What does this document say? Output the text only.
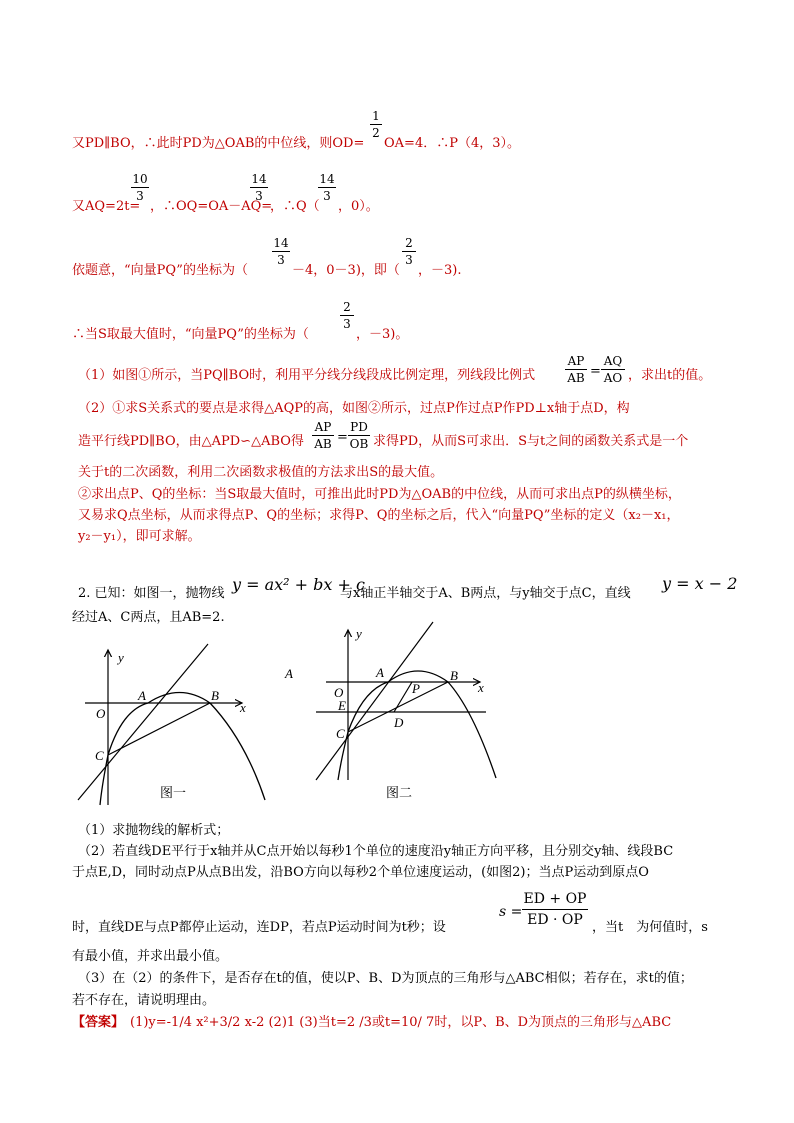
又PD∥BO，∴此时PD为△OAB的中位线，则OD=
1
2
OA=4．∴P（4，3）。
又AQ=2t=
10
3
，∴OQ=OA－AQ=
14
3
，∴Q（
14
3
，0）。
依题意，“向量PQ”的坐标为（
14
3
－4，0－3)，即（
2
3
，－3).
∴当S取最大值时，“向量PQ”的坐标为（
2
3
，－3)。
（1）如图①所示，当PQ∥BO时，利用平分线分线段成比例定理，列线段比例式
AP
AB =
AQ
AO ，求出t的值。
（2）①求S关系式的要点是求得△AQP的高，如图②所示，过点P作过点P作PD⊥x轴于点D，构
造平行线PD∥BO，由△APD∽△ABO得
AP
AB =
PD
OB 求得PD，从而S可求出．S与t之间的函数关系式是一个
关于t的二次函数，利用二次函数求极值的方法求出S的最大值。
②求出点P、Q的坐标：当S取最大值时，可推出此时PD为△OAB的中位线，从而可求出点P的纵横坐标，
又易求Q点坐标，从而求得点P、Q的坐标；求得P、Q的坐标之后，代入“向量PQ”坐标的定义（x₂－x₁，
y₂－y₁），即可求解。
2. 已知：如图一，抛物线 y = ax² + bx + c
与x轴正半轴交于A、B两点，与y轴交于点C，直线
y = x − 2
经过A、C两点，且AB=2.
y
x
O
A	B
C
图一
A
y
x
O
A	B
C
E
D
P
图二
（1）求抛物线的解析式；
（2）若直线DE平行于x轴并从C点开始以每秒1个单位的速度沿y轴正方向平移，且分别交y轴、线段BC
于点E,D，同时动点P从点B出发，沿BO方向以每秒2个单位速度运动，(如图2)；当点P运动到原点O
时，直线DE与点P都停止运动，连DP，若点P运动时间为t秒；设
s =
ED + OP
ED · OP ，当t　为何值时，s
有最小值，并求出最小值。
（3）在（2）的条件下，是否存在t的值，使以P、B、D为顶点的三角形与△ABC相似；若存在，求t的值；
若不存在，请说明理由。
【答案】 (1)y=-1/4 x²+3/2 x-2 (2)1 (3)当t=2 /3或t=10/ 7时，以P、B、D为顶点的三角形与△ABC
